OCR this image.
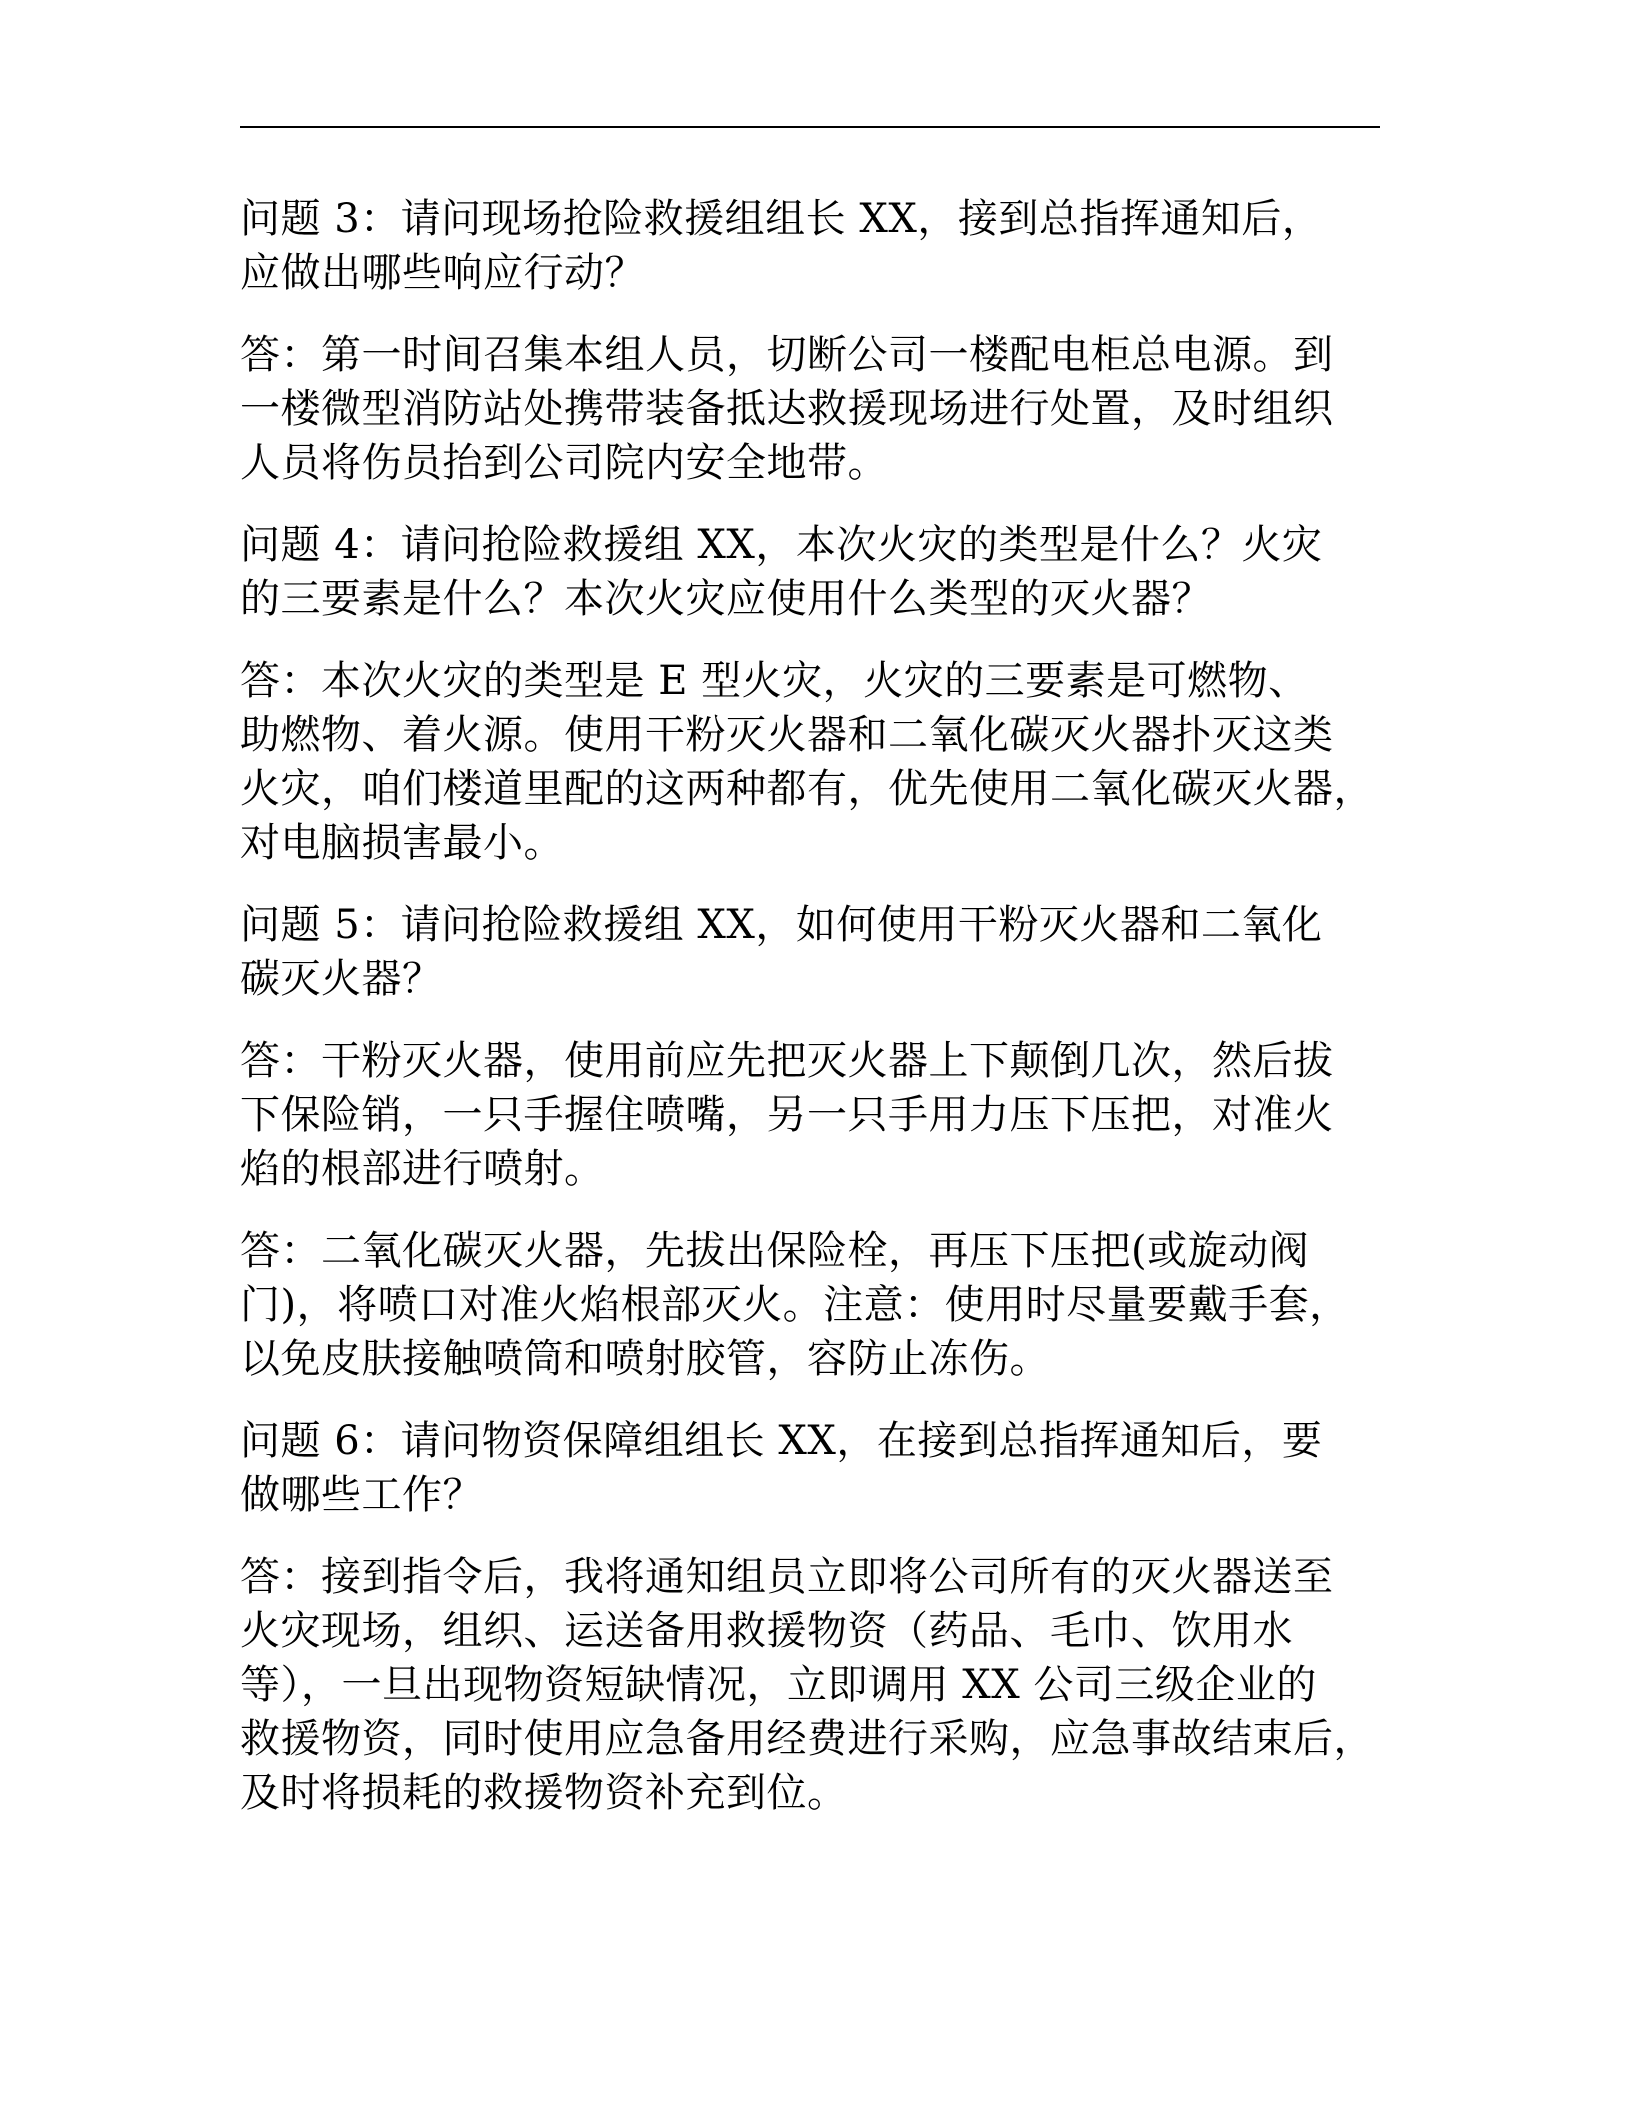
问题 3：请问现场抢险救援组组长 XX，接到总指挥通知后，
应做出哪些响应行动？

答：第一时间召集本组人员，切断公司一楼配电柜总电源。到
一楼微型消防站处携带装备抵达救援现场进行处置，及时组织
人员将伤员抬到公司院内安全地带。

问题 4：请问抢险救援组 XX，本次火灾的类型是什么？火灾
的三要素是什么？本次火灾应使用什么类型的灭火器？

答：本次火灾的类型是 E 型火灾，火灾的三要素是可燃物、
助燃物、着火源。使用干粉灭火器和二氧化碳灭火器扑灭这类
火灾，咱们楼道里配的这两种都有，优先使用二氧化碳灭火器，
对电脑损害最小。

问题 5：请问抢险救援组 XX，如何使用干粉灭火器和二氧化
碳灭火器？

答：干粉灭火器，使用前应先把灭火器上下颠倒几次，然后拔
下保险销，一只手握住喷嘴，另一只手用力压下压把，对准火
焰的根部进行喷射。

答：二氧化碳灭火器，先拔出保险栓，再压下压把(或旋动阀
门)，将喷口对准火焰根部灭火。注意：使用时尽量要戴手套，
以免皮肤接触喷筒和喷射胶管，容防止冻伤。

问题 6：请问物资保障组组长 XX，在接到总指挥通知后，要
做哪些工作？

答：接到指令后，我将通知组员立即将公司所有的灭火器送至
火灾现场，组织、运送备用救援物资（药品、毛巾、饮用水
等），一旦出现物资短缺情况，立即调用 XX 公司三级企业的
救援物资，同时使用应急备用经费进行采购，应急事故结束后，
及时将损耗的救援物资补充到位。
